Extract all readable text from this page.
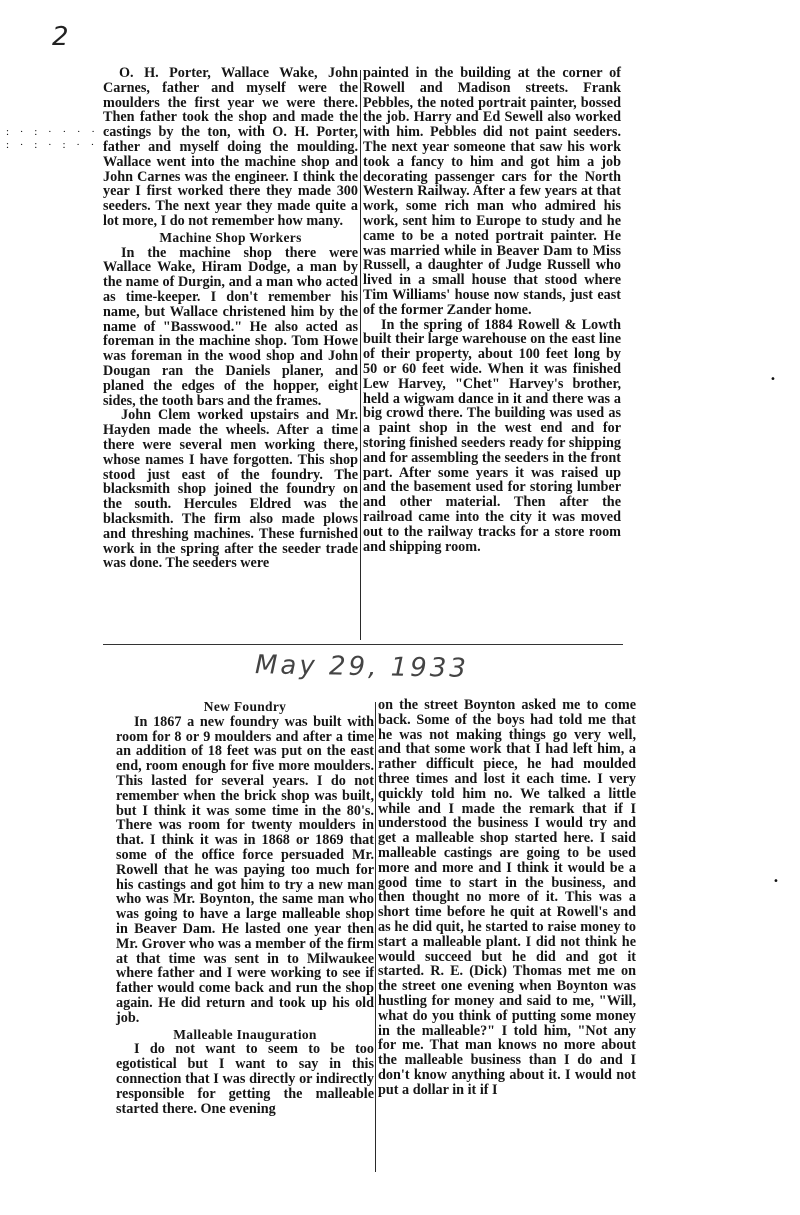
2
: · : · · · · ·
: · : · : · · ·

O. H. Porter, Wallace Wake, John Carnes, father and myself were the moulders the first year we were there. Then father took the shop and made the castings by the ton, with O. H. Porter, father and myself doing the moulding. Wallace went into the machine shop and John Carnes was the engineer. I think the year I first worked there they made 300 seeders. The next year they made quite a lot more, I do not remember how many.

Machine Shop Workers

In the machine shop there were Wallace Wake, Hiram Dodge, a man by the name of Durgin, and a man who acted as time-keeper. I don't remember his name, but Wallace christened him by the name of "Basswood." He also acted as foreman in the machine shop. Tom Howe was foreman in the wood shop and John Dougan ran the Daniels planer, and planed the edges of the hopper, eight sides, the tooth bars and the frames.

John Clem worked upstairs and Mr. Hayden made the wheels. After a time there were several men working there, whose names I have forgotten. This shop stood just east of the foundry. The blacksmith shop joined the foundry on the south. Hercules Eldred was the blacksmith. The firm also made plows and threshing machines. These furnished work in the spring after the seeder trade was done. The seeders were

painted in the building at the corner of Rowell and Madison streets. Frank Pebbles, the noted portrait painter, bossed the job. Harry and Ed Sewell also worked with him. Pebbles did not paint seeders. The next year someone that saw his work took a fancy to him and got him a job decorating passenger cars for the North Western Railway. After a few years at that work, some rich man who admired his work, sent him to Europe to study and he came to be a noted portrait painter. He was married while in Beaver Dam to Miss Russell, a daughter of Judge Russell who lived in a small house that stood where Tim Williams' house now stands, just east of the former Zander home.

In the spring of 1884 Rowell & Lowth built their large warehouse on the east line of their property, about 100 feet long by 50 or 60 feet wide. When it was finished Lew Harvey, "Chet" Harvey's brother, held a wigwam dance in it and there was a big crowd there. The building was used as a paint shop in the west end and for storing finished seeders ready for shipping and for assembling the seeders in the front part. After some years it was raised up and the basement used for storing lumber and other material. Then after the railroad came into the city it was moved out to the railway tracks for a store room and shipping room.

May 29, 1933
New Foundry

In 1867 a new foundry was built with room for 8 or 9 moulders and after a time an addition of 18 feet was put on the east end, room enough for five more moulders. This lasted for several years. I do not remember when the brick shop was built, but I think it was some time in the 80's. There was room for twenty moulders in that. I think it was in 1868 or 1869 that some of the office force persuaded Mr. Rowell that he was paying too much for his castings and got him to try a new man who was Mr. Boynton, the same man who was going to have a large malleable shop in Beaver Dam. He lasted one year then Mr. Grover who was a member of the firm at that time was sent in to Milwaukee where father and I were working to see if father would come back and run the shop again. He did return and took up his old job.

Malleable Inauguration

I do not want to seem to be too egotistical but I want to say in this connection that I was directly or indirectly responsible for getting the malleable started there. One evening

on the street Boynton asked me to come back. Some of the boys had told me that he was not making things go very well, and that some work that I had left him, a rather difficult piece, he had moulded three times and lost it each time. I very quickly told him no. We talked a little while and I made the remark that if I understood the business I would try and get a malleable shop started here. I said malleable castings are going to be used more and more and I think it would be a good time to start in the business, and then thought no more of it. This was a short time before he quit at Rowell's and as he did quit, he started to raise money to start a malleable plant. I did not think he would succeed but he did and got it started. R. E. (Dick) Thomas met me on the street one evening when Boynton was hustling for money and said to me, "Will, what do you think of putting some money in the malleable?" I told him, "Not any for me. That man knows no more about the malleable business than I do and I don't know anything about it. I would not put a dollar in it if I

•
•
